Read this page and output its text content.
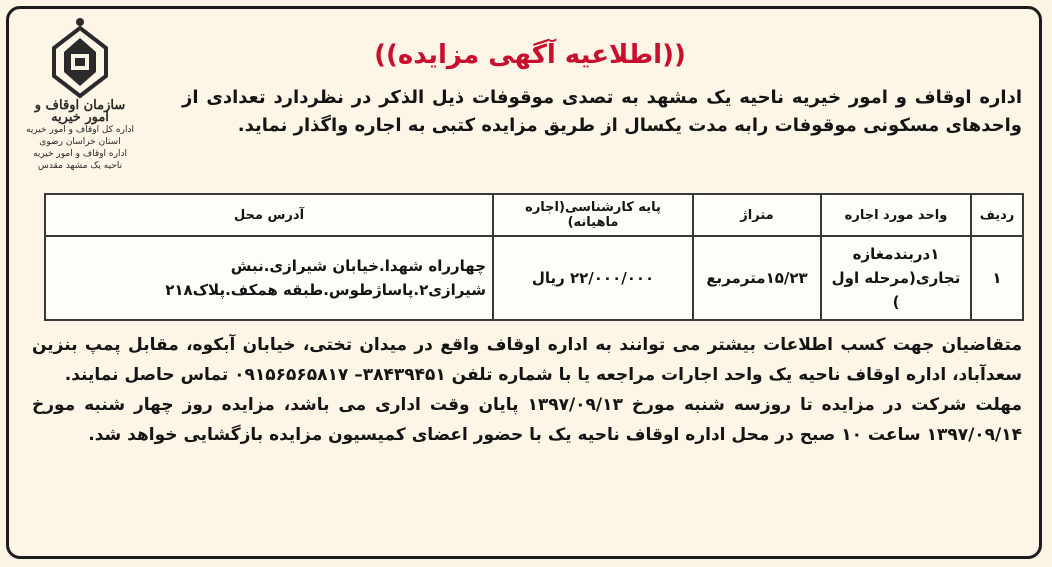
سازمان اوقاف و امور خیریه
اداره کل اوقاف و امور خیریه استان خراسان رضوی
اداره اوقاف و امور خیریه ناحیه یک مشهد مقدس
((اطلاعیه آگهی مزایده))
اداره اوقاف و امور خیریه ناحیه یک مشهد به تصدی موقوفات ذیل الذکر در نظردارد تعدادی از واحدهای مسکونی موقوفات رابه مدت یکسال از طریق مزایده کتبی به اجاره واگذار نماید.
ردیف	واحد مورد اجاره	متراژ	پایه کارشناسی(اجاره ماهیانه)	آدرس محل
۱	۱دربندمغازه تجاری(مرحله اول )	۱۵/۲۳مترمربع	۲۲/۰۰۰/۰۰۰ ریال	چهارراه شهدا.خیابان شیرازی.نبش شیرازی۲.پاساژطوس.طبقه همکف.پلاک۲۱۸

متقاضیان جهت کسب اطلاعات بیشتر می توانند به اداره اوقاف واقع در میدان تختی، خیابان آبکوه، مقابل پمپ بنزین سعدآباد، اداره اوقاف ناحیه یک واحد اجارات مراجعه یا با شماره تلفن ۳۸۴۳۹۴۵۱– ۰۹۱۵۶۵۶۵۸۱۷ تماس حاصل نمایند.

مهلت شرکت در مزایده تا روزسه شنبه مورخ ۱۳۹۷/۰۹/۱۳ پایان وقت اداری می باشد، مزایده روز چهار شنبه مورخ ۱۳۹۷/۰۹/۱۴ ساعت ۱۰ صبح در محل اداره اوقاف ناحیه یک با حضور اعضای کمیسیون مزایده بازگشایی خواهد شد.
